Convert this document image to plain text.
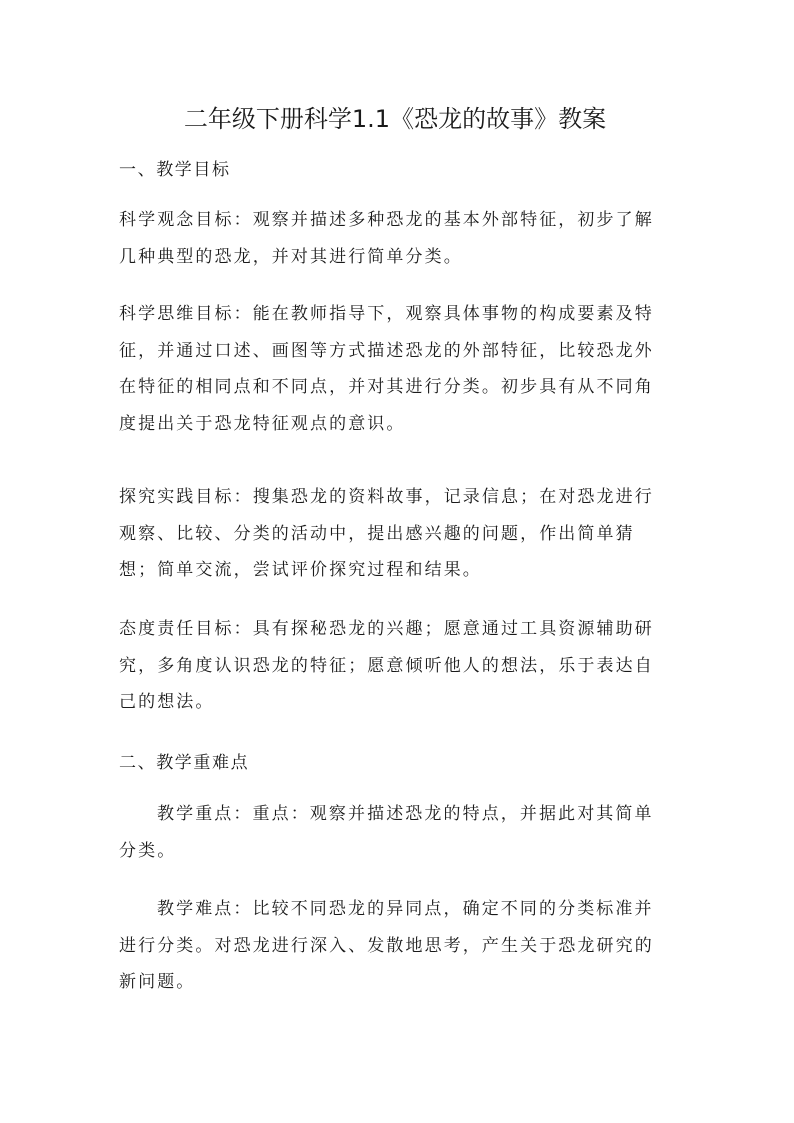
二年级下册科学1.1《恐龙的故事》教案
一、教学目标

科学观念目标：观察并描述多种恐龙的基本外部特征，初步了解几种典型的恐龙，并对其进行简单分类。

科学思维目标：能在教师指导下，观察具体事物的构成要素及特征，并通过口述、画图等方式描述恐龙的外部特征，比较恐龙外在特征的相同点和不同点，并对其进行分类。初步具有从不同角度提出关于恐龙特征观点的意识。

探究实践目标：搜集恐龙的资料故事，记录信息；在对恐龙进行观察、比较、分类的活动中，提出感兴趣的问题，作出简单猜想；简单交流，尝试评价探究过程和结果。

态度责任目标：具有探秘恐龙的兴趣；愿意通过工具资源辅助研究，多角度认识恐龙的特征；愿意倾听他人的想法，乐于表达自己的想法。

二、教学重难点

教学重点：重点：观察并描述恐龙的特点，并据此对其简单分类。

教学难点：比较不同恐龙的异同点，确定不同的分类标准并进行分类。对恐龙进行深入、发散地思考，产生关于恐龙研究的新问题。
